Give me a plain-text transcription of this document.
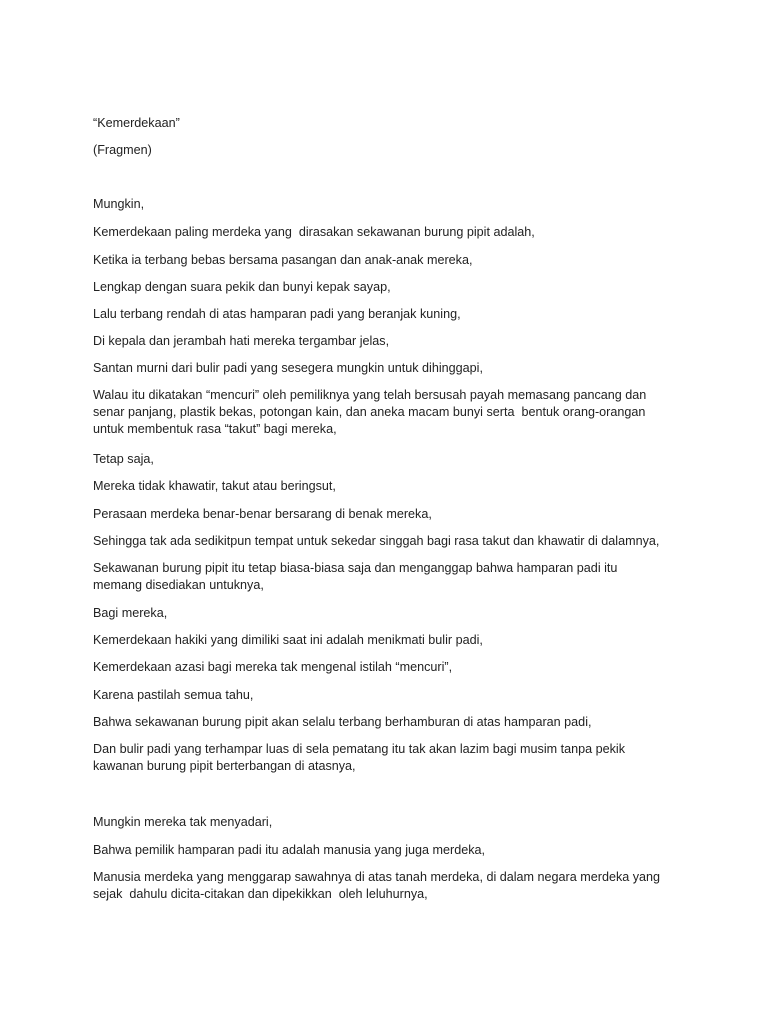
“Kemerdekaan”
(Fragmen)
Mungkin,
Kemerdekaan paling merdeka yang  dirasakan sekawanan burung pipit adalah,
Ketika ia terbang bebas bersama pasangan dan anak-anak mereka,
Lengkap dengan suara pekik dan bunyi kepak sayap,
Lalu terbang rendah di atas hamparan padi yang beranjak kuning,
Di kepala dan jerambah hati mereka tergambar jelas,
Santan murni dari bulir padi yang sesegera mungkin untuk dihinggapi,
Walau itu dikatakan “mencuri” oleh pemiliknya yang telah bersusah payah memasang pancang dan
senar panjang, plastik bekas, potongan kain, dan aneka macam bunyi serta  bentuk orang-orangan
untuk membentuk rasa “takut” bagi mereka,
Tetap saja,
Mereka tidak khawatir, takut atau beringsut,
Perasaan merdeka benar-benar bersarang di benak mereka,
Sehingga tak ada sedikitpun tempat untuk sekedar singgah bagi rasa takut dan khawatir di dalamnya,
Sekawanan burung pipit itu tetap biasa-biasa saja dan menganggap bahwa hamparan padi itu
memang disediakan untuknya,
Bagi mereka,
Kemerdekaan hakiki yang dimiliki saat ini adalah menikmati bulir padi,
Kemerdekaan azasi bagi mereka tak mengenal istilah “mencuri”,
Karena pastilah semua tahu,
Bahwa sekawanan burung pipit akan selalu terbang berhamburan di atas hamparan padi,
Dan bulir padi yang terhampar luas di sela pematang itu tak akan lazim bagi musim tanpa pekik
kawanan burung pipit berterbangan di atasnya,
Mungkin mereka tak menyadari,
Bahwa pemilik hamparan padi itu adalah manusia yang juga merdeka,
Manusia merdeka yang menggarap sawahnya di atas tanah merdeka, di dalam negara merdeka yang
sejak  dahulu dicita-citakan dan dipekikkan  oleh leluhurnya,
